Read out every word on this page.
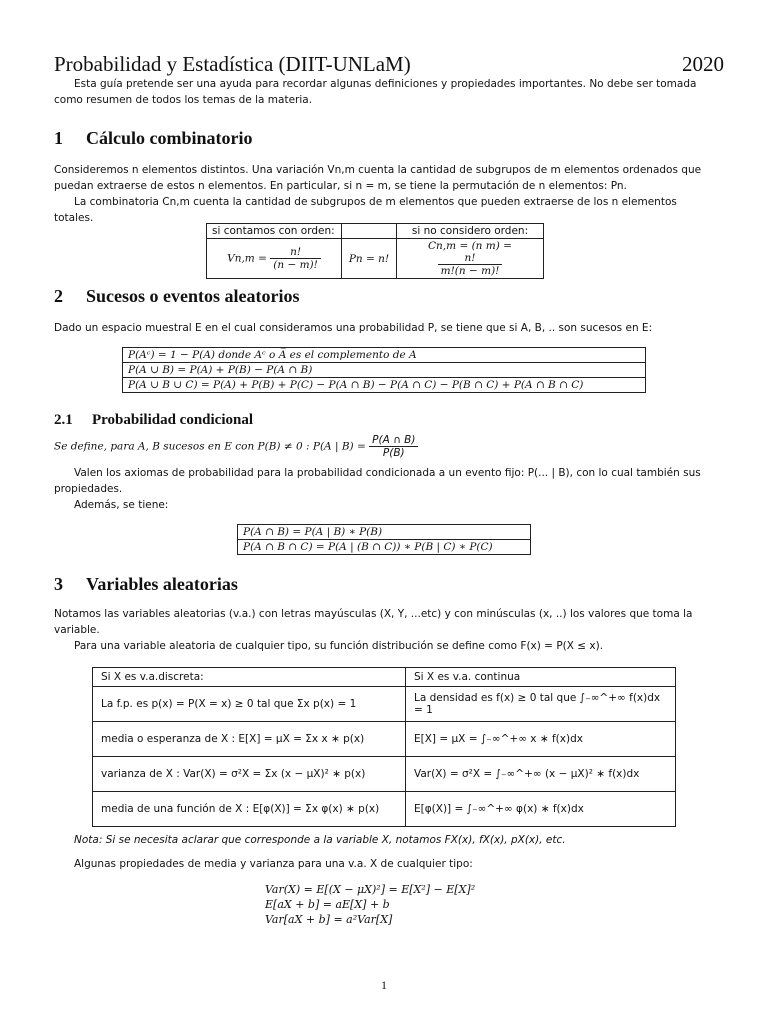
Probabilidad y Estadística (DIIT-UNLaM)	2020

Esta guía pretende ser una ayuda para recordar algunas definiciones y propiedades importantes. No debe ser tomada como resumen de todos los temas de la materia.

1 Cálculo combinatorio

Consideremos n elementos distintos. Una variación Vn,m cuenta la cantidad de subgrupos de m elementos ordenados que puedan extraerse de estos n elementos. En particular, si n = m, se tiene la permutación de n elementos: Pn.

La combinatoria Cn,m cuenta la cantidad de subgrupos de m elementos que pueden extraerse de los n elementos totales.

si contamos con orden:		si no considero orden:
$Vn,m = \frac{n!}{(n - m)!}$	Pn = n!	Cn,m = (n m) =
$\frac{n!}{m!(n - m)!}$
2 Sucesos o eventos aleatorios

Dado un espacio muestral E en el cual consideramos una probabilidad P, se tiene que si A, B, .. son sucesos en E:

P(Aᶜ) = 1 − P(A) donde Aᶜ o A̅ es el complemento de A
P(A ∪ B) = P(A) + P(B) − P(A ∩ B)
P(A ∪ B ∪ C) = P(A) + P(B) + P(C) − P(A ∩ B) − P(A ∩ C) − P(B ∩ C) + P(A ∩ B ∩ C)
2.1 Probabilidad condicional
Se define, para A, B sucesos en E con P(B) ≠ 0 : P(A | $B) = \frac{P(A \cap B)}{P(B)}$

Valen los axiomas de probabilidad para la probabilidad condicionada a un evento fijo: P(... | B), con lo cual también sus propiedades.

Además, se tiene:

P(A ∩ B) = P(A | B) ∗ P(B)
P(A ∩ B ∩ C) = P(A | (B ∩ C)) ∗ P(B | C) ∗ P(C)
3 Variables aleatorias

Notamos las variables aleatorias (v.a.) con letras mayúsculas (X, Y, ...etc) y con minúsculas (x, ..) los valores que toma la variable.

Para una variable aleatoria de cualquier tipo, su función distribución se define como F(x) = P(X ≤ x).

Si X es v.a.discreta:	Si X es v.a. continua
La f.p. es p(x) = P(X = x) ≥ 0 tal que Σx p(x) = 1	La densidad es f(x) ≥ 0 tal que ∫₋∞^+∞ f(x)dx = 1
media o esperanza de X : E[X] = μX = Σx x ∗ p(x)	E[X] = μX = ∫₋∞^+∞ x ∗ f(x)dx
varianza de X : Var(X) = σ²X = Σx (x − μX)² ∗ p(x)	Var(X) = σ²X = ∫₋∞^+∞ (x − μX)² ∗ f(x)dx
media de una función de X : E[φ(X)] = Σx φ(x) ∗ p(x)	E[φ(X)] = ∫₋∞^+∞ φ(x) ∗ f(x)dx

Nota: Si se necesita aclarar que corresponde a la variable X, notamos FX(x), fX(x), pX(x), etc.

Algunas propiedades de media y varianza para una v.a. X de cualquier tipo:

Var(X) = E[(X − μX)²] = E[X²] − E[X]²
E[aX + b] = aE[X] + b
Var[aX + b] = a²Var[X]
1
